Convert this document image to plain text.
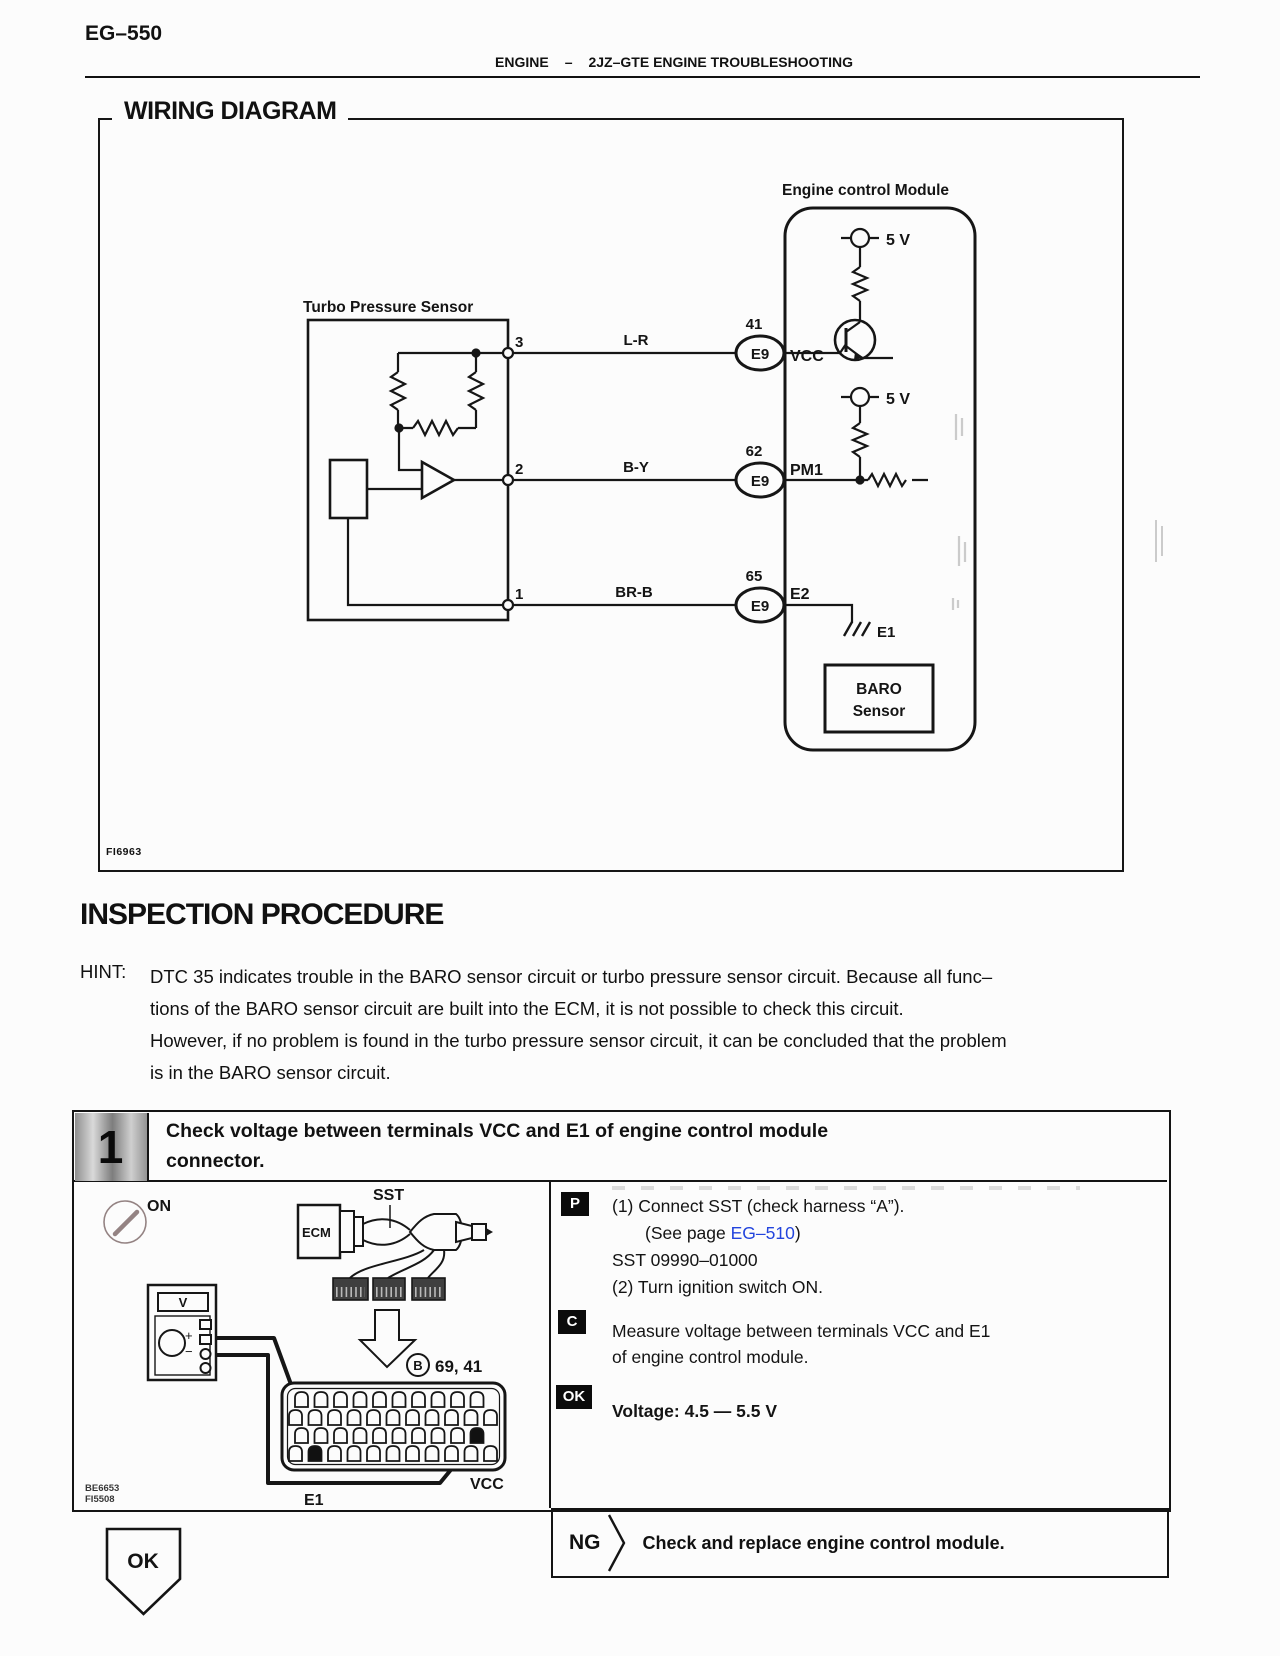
EG–550
ENGINE – 2JZ–GTE ENGINE TROUBLESHOOTING
WIRING DIAGRAM
FI6963
Turbo Pressure Sensor
Engine control Module
3
2
1
L-R
B-Y
BR-B
41
E9 VCC
62
E9
PM1
65
E9
E2
5 V
5 V
E1
BARO
Sensor
INSPECTION PROCEDURE
HINT: DTC 35 indicates trouble in the BARO sensor circuit or turbo pressure sensor circuit. Because all func–
tions of the BARO sensor circuit are built into the ECM, it is not possible to check this circuit.
However, if no problem is found in the turbo pressure sensor circuit, it can be concluded that the problem
is in the BARO sensor circuit.
1 Check voltage between terminals VCC and E1 of engine control module
connector.
ON
SST
ECM
V
+
−
B 69, 41
E1
VCC
BE6653
FI5508
P	(1) Connect SST (check harness “A”).
(See page EG–510)
SST 09990–01000
(2) Turn ignition switch ON.
C	Measure voltage between terminals VCC and E1
of engine control module.
OK
Voltage: 4.5 — 5.5 V
NG Check and replace engine control module.
OK
